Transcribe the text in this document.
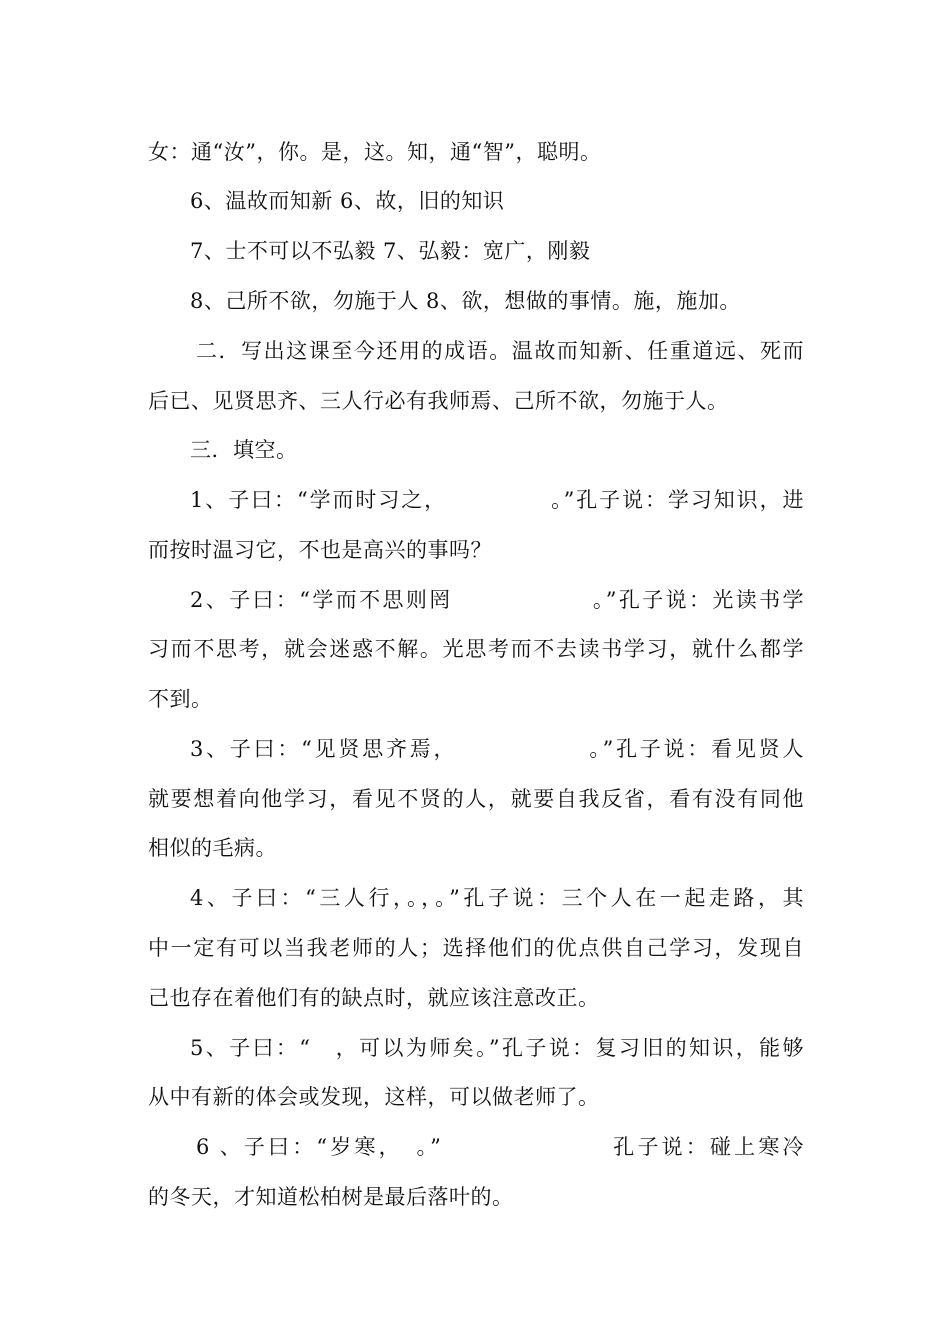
女：通“汝”，你。是，这。知，通“智”，聪明。
6、温故而知新 6、故，旧的知识
7、士不可以不弘毅 7、弘毅：宽广，刚毅
8、己所不欲，勿施于人 8、欲，想做的事情。施，施加。
二．写出这课至今还用的成语。温故而知新、任重道远、死而
后已、见贤思齐、三人行必有我师焉、己所不欲，勿施于人。
三．填空。
1、子曰：“学而时习之，　　　　　。”孔子说：学习知识，进
而按时温习它，不也是高兴的事吗？
2、子曰：“学而不思则罔　　　　　　。”孔子说：光读书学
习而不思考，就会迷惑不解。光思考而不去读书学习，就什么都学
不到。
3、子曰：“见贤思齐焉，　　　　　　。”孔子说：看见贤人
就要想着向他学习，看见不贤的人，就要自我反省，看有没有同他
相似的毛病。
4、子曰：“三人行，。，。”孔子说：三个人在一起走路，其
中一定有可以当我老师的人；选择他们的优点供自己学习，发现自
己也存在着他们有的缺点时，就应该注意改正。
5、子曰：“　，可以为师矣。”孔子说：复习旧的知识，能够
从中有新的体会或发现，这样，可以做老师了。
6 、子曰：“岁寒，　。”　　　　　　　孔子说：碰上寒冷
的冬天，才知道松柏树是最后落叶的。
